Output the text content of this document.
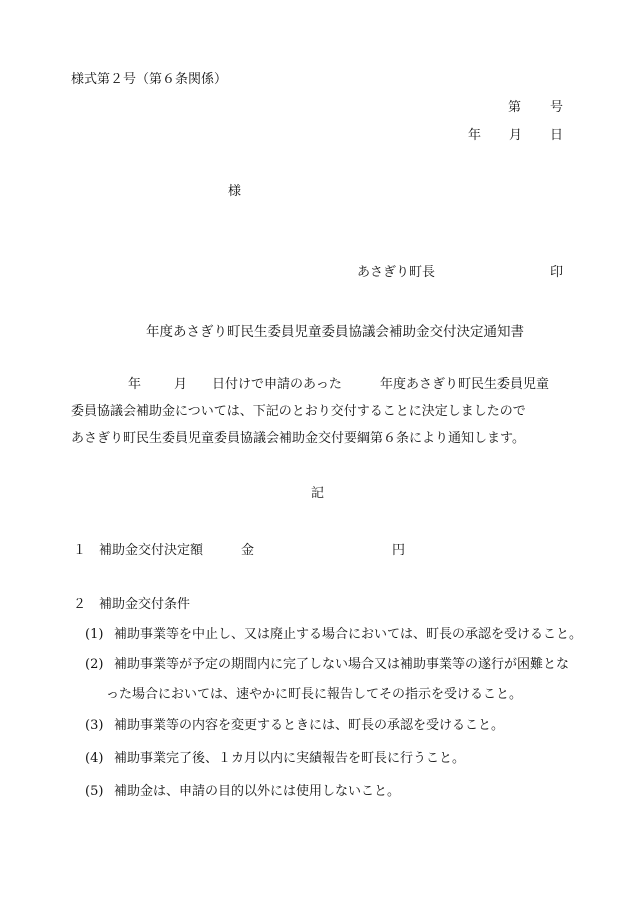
様式第２号（第６条関係）
第 号
年 月 日
様
あさぎり町長	印
年度あさぎり町民生委員児童委員協議会補助金交付決定通知書
年	月 日付けで申請のあった	年度あさぎり町民生委員児童
委員協議会補助金については、下記のとおり交付することに決定しましたので
あさぎり町民生委員児童委員協議会補助金交付要綱第６条により通知します。
記
１ 補助金交付決定額	金	円
２ 補助金交付条件
(1) 補助事業等を中止し、又は廃止する場合においては、町長の承認を受けること。
(2) 補助事業等が予定の期間内に完了しない場合又は補助事業等の遂行が困難とな
った場合においては、速やかに町長に報告してその指示を受けること。
(3) 補助事業等の内容を変更するときには、町長の承認を受けること。
(4) 補助事業完了後、１カ月以内に実績報告を町長に行うこと。
(5) 補助金は、申請の目的以外には使用しないこと。
